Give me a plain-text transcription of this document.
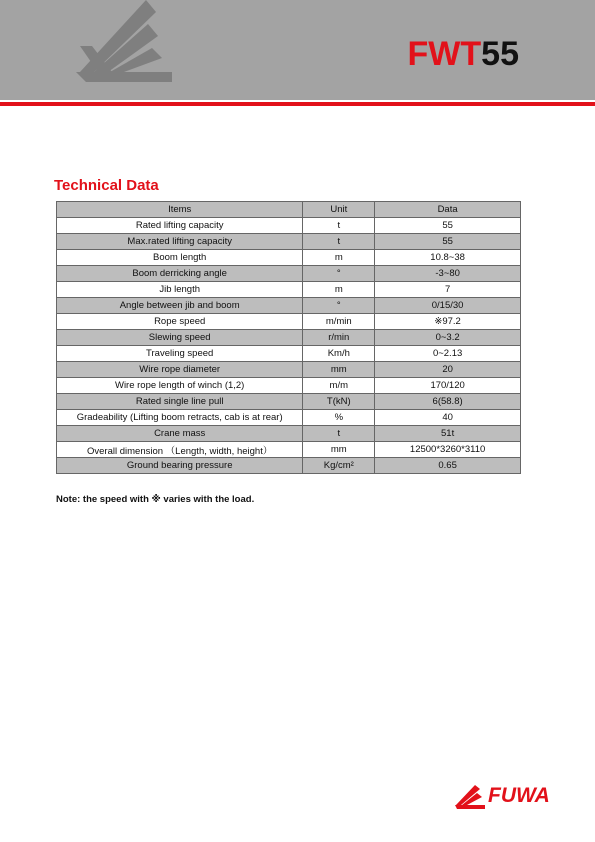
FWT55
Technical Data
Items	Unit	Data
Rated lifting capacity	t	55
Max.rated lifting capacity	t	55
Boom length	m	10.8~38
Boom derricking angle	°	-3~80
Jib length	m	7
Angle between jib and boom	°	0/15/30
Rope speed	m/min	※97.2
Slewing speed	r/min	0~3.2
Traveling speed	Km/h	0~2.13
Wire rope diameter	mm	20
Wire rope length of winch (1,2)	m/m	170/120
Rated single line pull	T(kN)	6(58.8)
Gradeability (Lifting boom retracts, cab is at rear)	%	40
Crane mass	t	51t
Overall dimension （Length, width, height）	mm	12500*3260*3110
Ground bearing pressure	Kg/cm²	0.65
Note: the speed with ※ varies with the load.
FUWA
